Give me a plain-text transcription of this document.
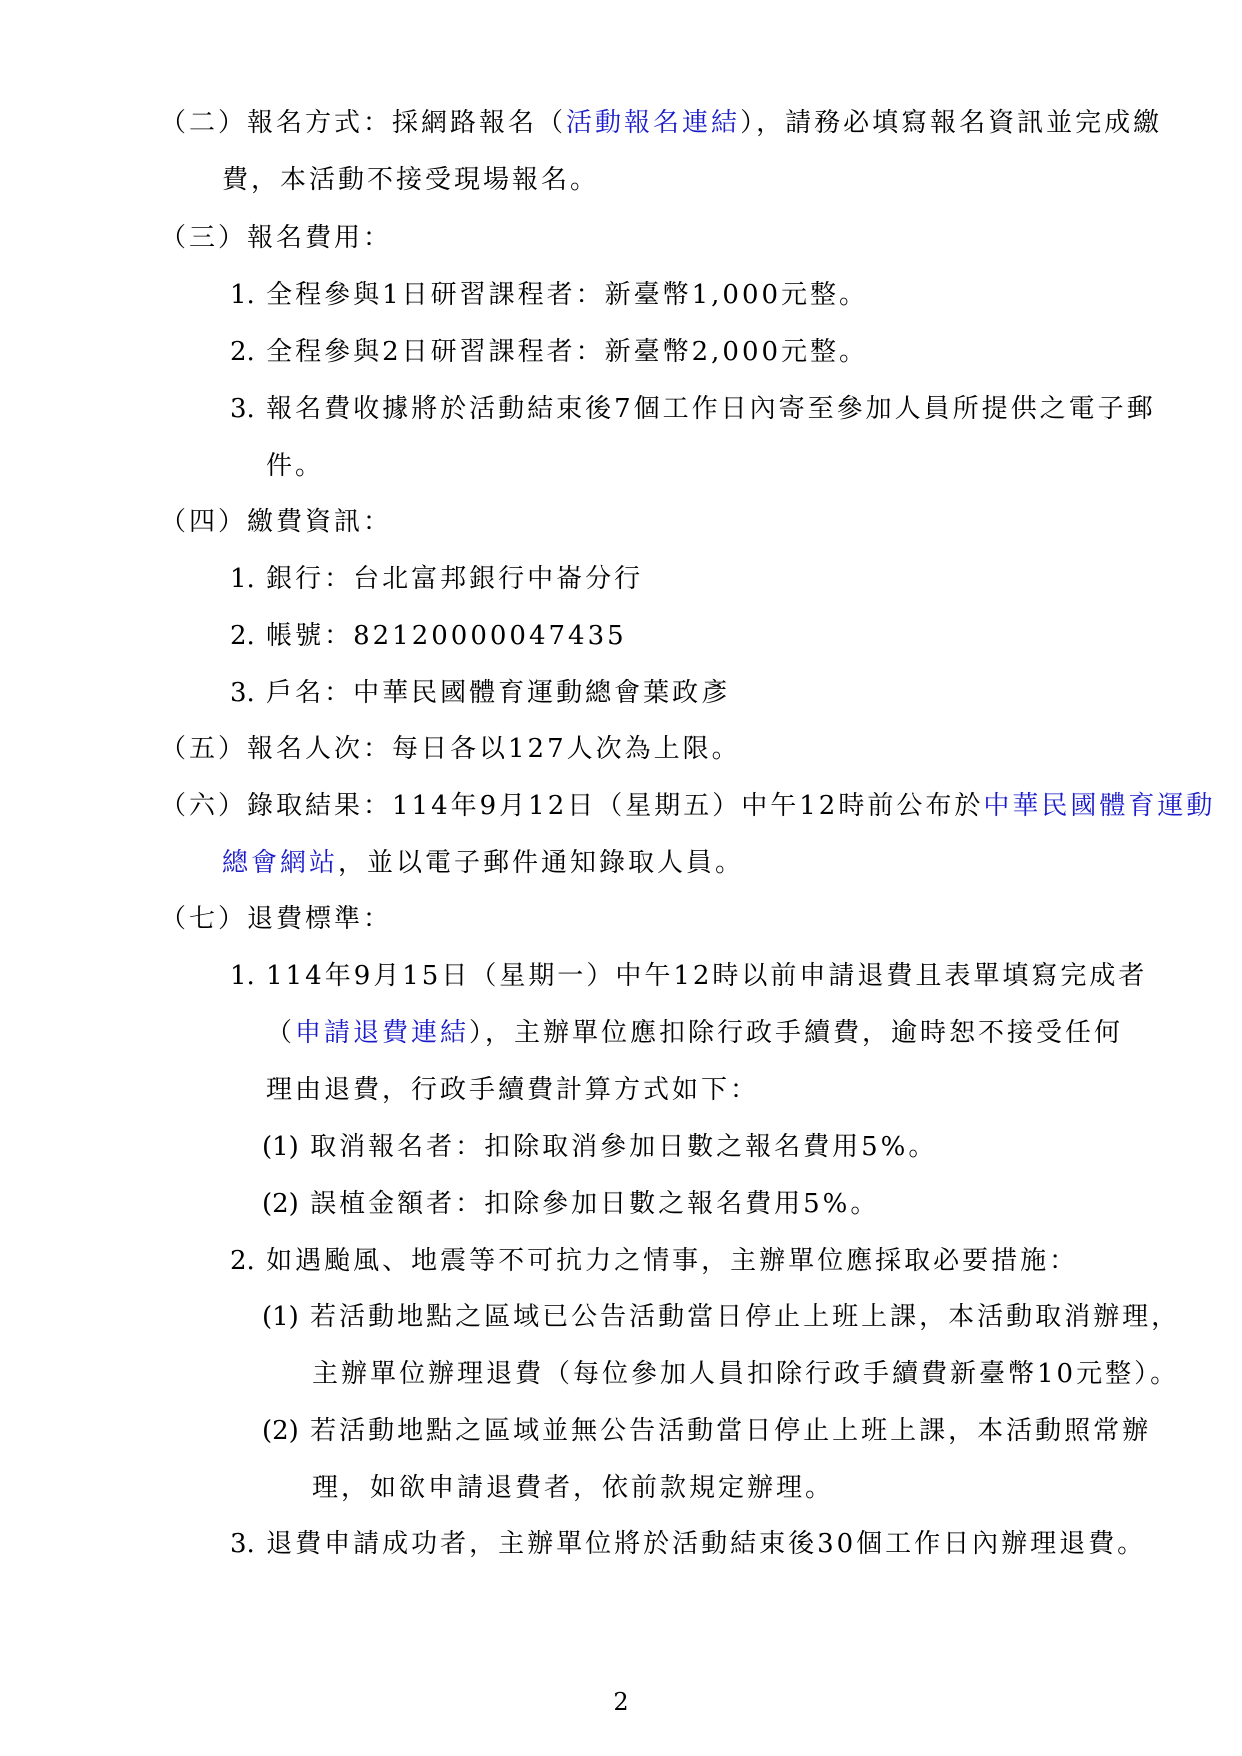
（二）報名方式：採網路報名（活動報名連結），請務必填寫報名資訊並完成繳
費，本活動不接受現場報名。
（三）報名費用：
1. 全程參與1日研習課程者：新臺幣1,000元整。
2. 全程參與2日研習課程者：新臺幣2,000元整。
3. 報名費收據將於活動結束後7個工作日內寄至參加人員所提供之電子郵
件。
（四）繳費資訊：
1. 銀行：台北富邦銀行中崙分行
2. 帳號：82120000047435
3. 戶名：中華民國體育運動總會葉政彥
（五）報名人次：每日各以127人次為上限。
（六）錄取結果：114年9月12日（星期五）中午12時前公布於中華民國體育運動
總會網站，並以電子郵件通知錄取人員。
（七）退費標準：
1. 114年9月15日（星期一）中午12時以前申請退費且表單填寫完成者
（申請退費連結），主辦單位應扣除行政手續費，逾時恕不接受任何
理由退費，行政手續費計算方式如下：
(1) 取消報名者：扣除取消參加日數之報名費用5%。
(2) 誤植金額者：扣除參加日數之報名費用5%。
2. 如遇颱風、地震等不可抗力之情事，主辦單位應採取必要措施：
(1) 若活動地點之區域已公告活動當日停止上班上課，本活動取消辦理，
主辦單位辦理退費（每位參加人員扣除行政手續費新臺幣10元整）。
(2) 若活動地點之區域並無公告活動當日停止上班上課，本活動照常辦
理，如欲申請退費者，依前款規定辦理。
3. 退費申請成功者，主辦單位將於活動結束後30個工作日內辦理退費。
2
